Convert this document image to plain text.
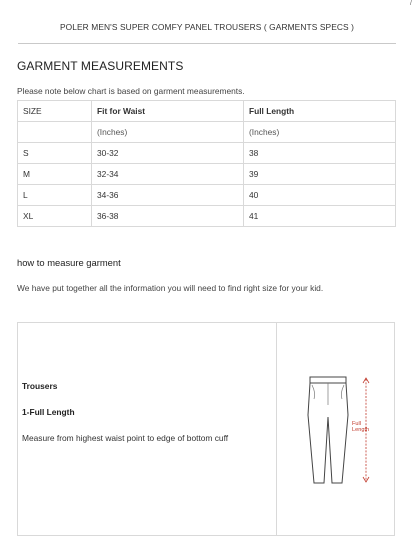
POLER MEN'S SUPER COMFY PANEL TROUSERS ( GARMENTS SPECS )
/
GARMENT MEASUREMENTS
Please note below chart is based on garment measurements.
SIZE	Fit for Waist	Full Length
	(Inches)	(Inches)
S	30-32	38
M	32-34	39
L	34-36	40
XL	36-38	41
how to measure garment
We have put together all the information you will need to find right size for your kid.
Trousers
1-Full Length
Measure from highest waist point to edge of bottom cuff
Full
Length
